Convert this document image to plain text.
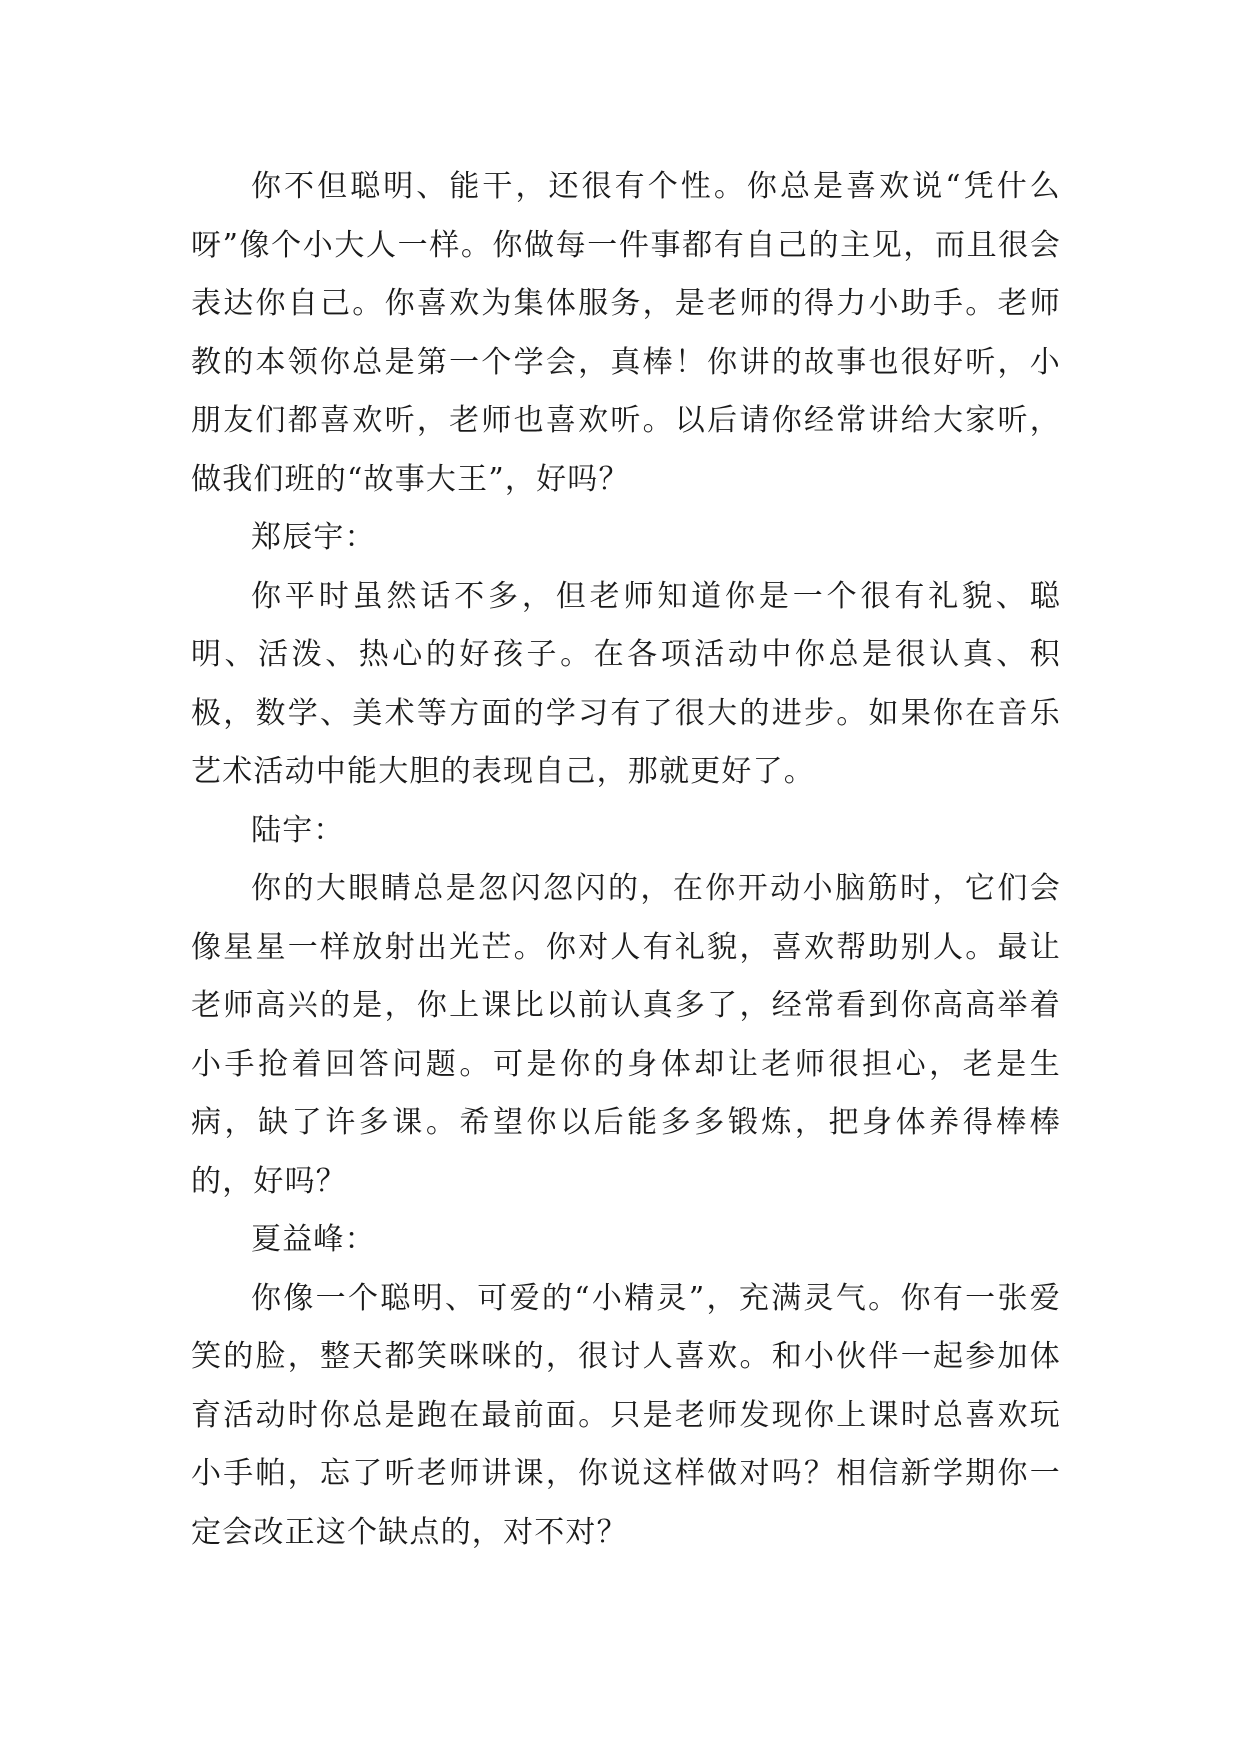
你不但聪明、能干，还很有个性。你总是喜欢说“凭什么呀”像个小大人一样。你做每一件事都有自己的主见，而且很会表达你自己。你喜欢为集体服务，是老师的得力小助手。老师教的本领你总是第一个学会，真棒！你讲的故事也很好听，小朋友们都喜欢听，老师也喜欢听。以后请你经常讲给大家听，做我们班的“故事大王”，好吗？

郑辰宇：

你平时虽然话不多，但老师知道你是一个很有礼貌、聪明、活泼、热心的好孩子。在各项活动中你总是很认真、积极，数学、美术等方面的学习有了很大的进步。如果你在音乐艺术活动中能大胆的表现自己，那就更好了。

陆宇：

你的大眼睛总是忽闪忽闪的，在你开动小脑筋时，它们会像星星一样放射出光芒。你对人有礼貌，喜欢帮助别人。最让老师高兴的是，你上课比以前认真多了，经常看到你高高举着小手抢着回答问题。可是你的身体却让老师很担心，老是生病，缺了许多课。希望你以后能多多锻炼，把身体养得棒棒的，好吗？

夏益峰：

你像一个聪明、可爱的“小精灵”，充满灵气。你有一张爱笑的脸，整天都笑咪咪的，很讨人喜欢。和小伙伴一起参加体育活动时你总是跑在最前面。只是老师发现你上课时总喜欢玩小手帕，忘了听老师讲课，你说这样做对吗？相信新学期你一定会改正这个缺点的，对不对？
